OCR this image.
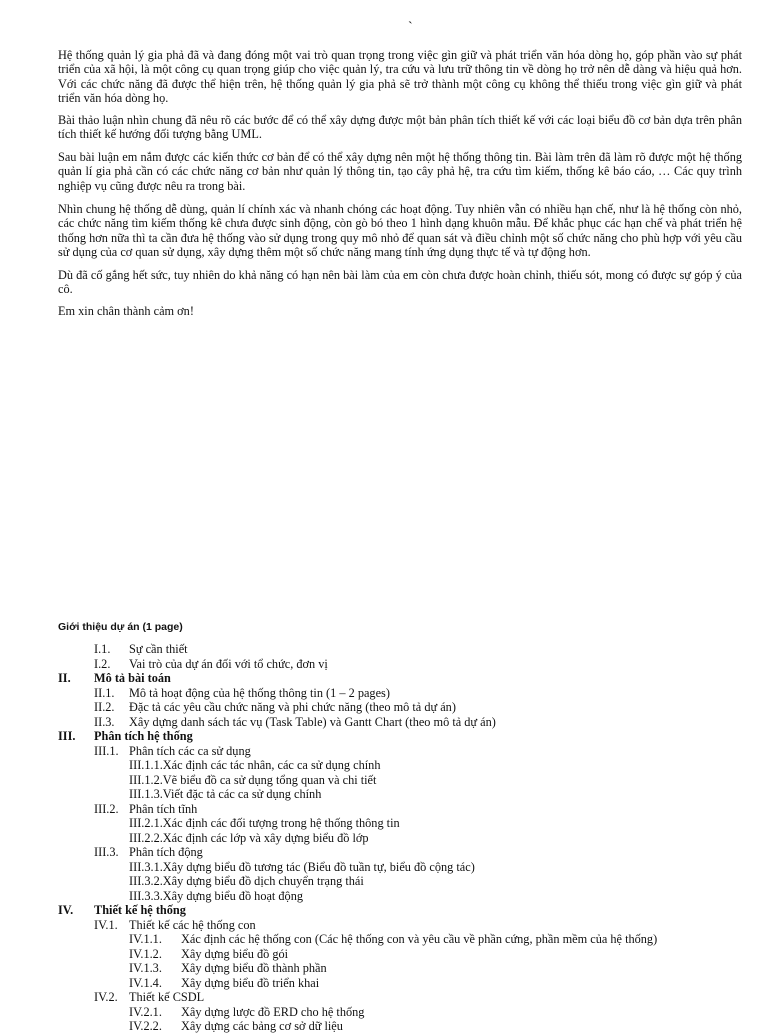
`

Hệ thống quản lý gia phả đã và đang đóng một vai trò quan trọng trong việc gìn giữ và phát triển văn hóa dòng họ, góp phần vào sự phát triển của xã hội, là một công cụ quan trọng giúp cho việc quản lý, tra cứu và lưu trữ thông tin về dòng họ trở nên dễ dàng và hiệu quả hơn. Với các chức năng đã được thể hiện trên, hệ thống quản lý gia phả sẽ trở thành một công cụ không thể thiếu trong việc gìn giữ và phát triển văn hóa dòng họ.

Bài thảo luận nhìn chung đã nêu rõ các bước để có thể xây dựng được một bản phân tích thiết kế với các loại biểu đồ cơ bản dựa trên phân tích thiết kế hướng đối tượng bằng UML.

Sau bài luận em nắm được các kiến thức cơ bản để có thể xây dựng nên một hệ thống thông tin. Bài làm trên đã làm rõ được một hệ thống quản lí gia phả cần có các chức năng cơ bản như quản lý thông tin, tạo cây phả hệ, tra cứu tìm kiếm, thống kê báo cáo, … Các quy trình nghiệp vụ cũng được nêu ra trong bài.

Nhìn chung hệ thống dễ dùng, quản lí chính xác và nhanh chóng các hoạt động. Tuy nhiên vẫn có nhiều hạn chế, như là hệ thống còn nhỏ, các chức năng tìm kiếm thống kê chưa được sinh động, còn gò bó theo 1 hình dạng khuôn mẫu. Để khắc phục các hạn chế và phát triển hệ thống hơn nữa thì ta cần đưa hệ thống vào sử dụng trong quy mô nhỏ để quan sát và điều chỉnh một số chức năng cho phù hợp với yêu cầu sử dụng của cơ quan sử dụng, xây dựng thêm một số chức năng mang tính ứng dụng thực tế và tự động hơn.

Dù đã cố gắng hết sức, tuy nhiên do khả năng có hạn nên bài làm của em còn chưa được hoàn chỉnh, thiếu sót, mong có được sự góp ý của cô.

Em xin chân thành cảm ơn!

Giới thiệu dự án (1 page)
I.1. Sự cần thiết
I.2. Vai trò của dự án đối với tổ chức, đơn vị
II. Mô tả bài toán
II.1. Mô tả hoạt động của hệ thống thông tin (1 – 2 pages)
II.2. Đặc tả các yêu cầu chức năng và phi chức năng (theo mô tả dự án)
II.3. Xây dựng danh sách tác vụ (Task Table) và Gantt Chart (theo mô tả dự án)
III. Phân tích hệ thống
III.1. Phân tích các ca sử dụng
III.1.1.Xác định các tác nhân, các ca sử dụng chính
III.1.2.Vẽ biểu đồ ca sử dụng tổng quan và chi tiết
III.1.3.Viết đặc tả các ca sử dụng chính
III.2. Phân tích tĩnh
III.2.1.Xác định các đối tượng trong hệ thống thông tin
III.2.2.Xác định các lớp và xây dựng biểu đồ lớp
III.3. Phân tích động
III.3.1.Xây dựng biểu đồ tương tác (Biểu đồ tuần tự, biểu đồ cộng tác)
III.3.2.Xây dựng biểu đồ dịch chuyển trạng thái
III.3.3.Xây dựng biểu đồ hoạt động
IV. Thiết kế hệ thống
IV.1. Thiết kế các hệ thống con
IV.1.1. Xác định các hệ thống con (Các hệ thống con và yêu cầu về phần cứng, phần mềm của hệ thống)
IV.1.2. Xây dựng biểu đồ gói
IV.1.3. Xây dựng biểu đồ thành phần
IV.1.4. Xây dựng biểu đồ triển khai
IV.2. Thiết kế CSDL
IV.2.1. Xây dựng lược đồ ERD cho hệ thống
IV.2.2. Xây dựng các bảng cơ sở dữ liệu
